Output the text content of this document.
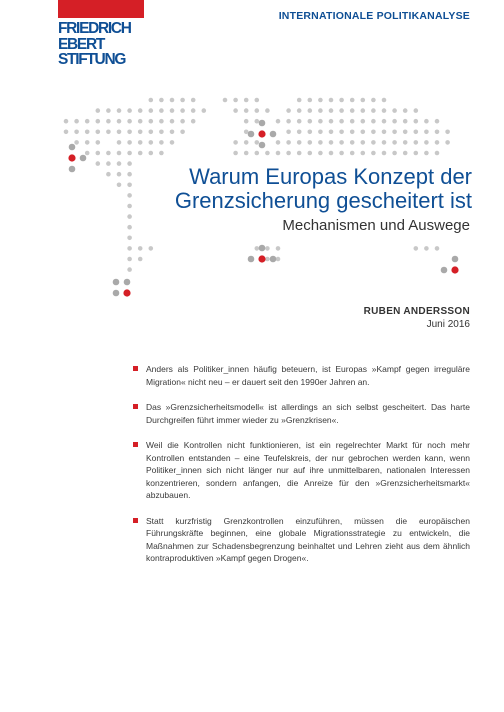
FRIEDRICH
EBERT
STIFTUNG
INTERNATIONALE POLITIKANALYSE
Warum Europas Konzept der
Grenzsicherung gescheitert ist
Mechanismen und Auswege
RUBEN ANDERSSON
Juni 2016
Anders als Politiker_innen häufig beteuern, ist Europas »Kampf gegen irreguläre Migration« nicht neu – er dauert seit den 1990er Jahren an.
Das »Grenzsicherheitsmodell« ist allerdings an sich selbst gescheitert. Das harte Durchgreifen führt immer wieder zu »Grenzkrisen«.
Weil die Kontrollen nicht funktionieren, ist ein regelrechter Markt für noch mehr Kontrollen entstanden – eine Teufelskreis, der nur gebrochen werden kann, wenn Politiker_innen sich nicht länger nur auf ihre unmittelbaren, nationalen Interessen konzentrieren, sondern anfangen, die Anreize für den »Grenzsicherheitsmarkt« abzubauen.
Statt kurzfristig Grenzkontrollen einzuführen, müssen die europäischen Führungskräfte beginnen, eine globale Migrationsstrategie zu entwickeln, die Maßnahmen zur Schadensbegrenzung beinhaltet und Lehren zieht aus dem ähnlich kontraproduktiven »Kampf gegen Drogen«.
